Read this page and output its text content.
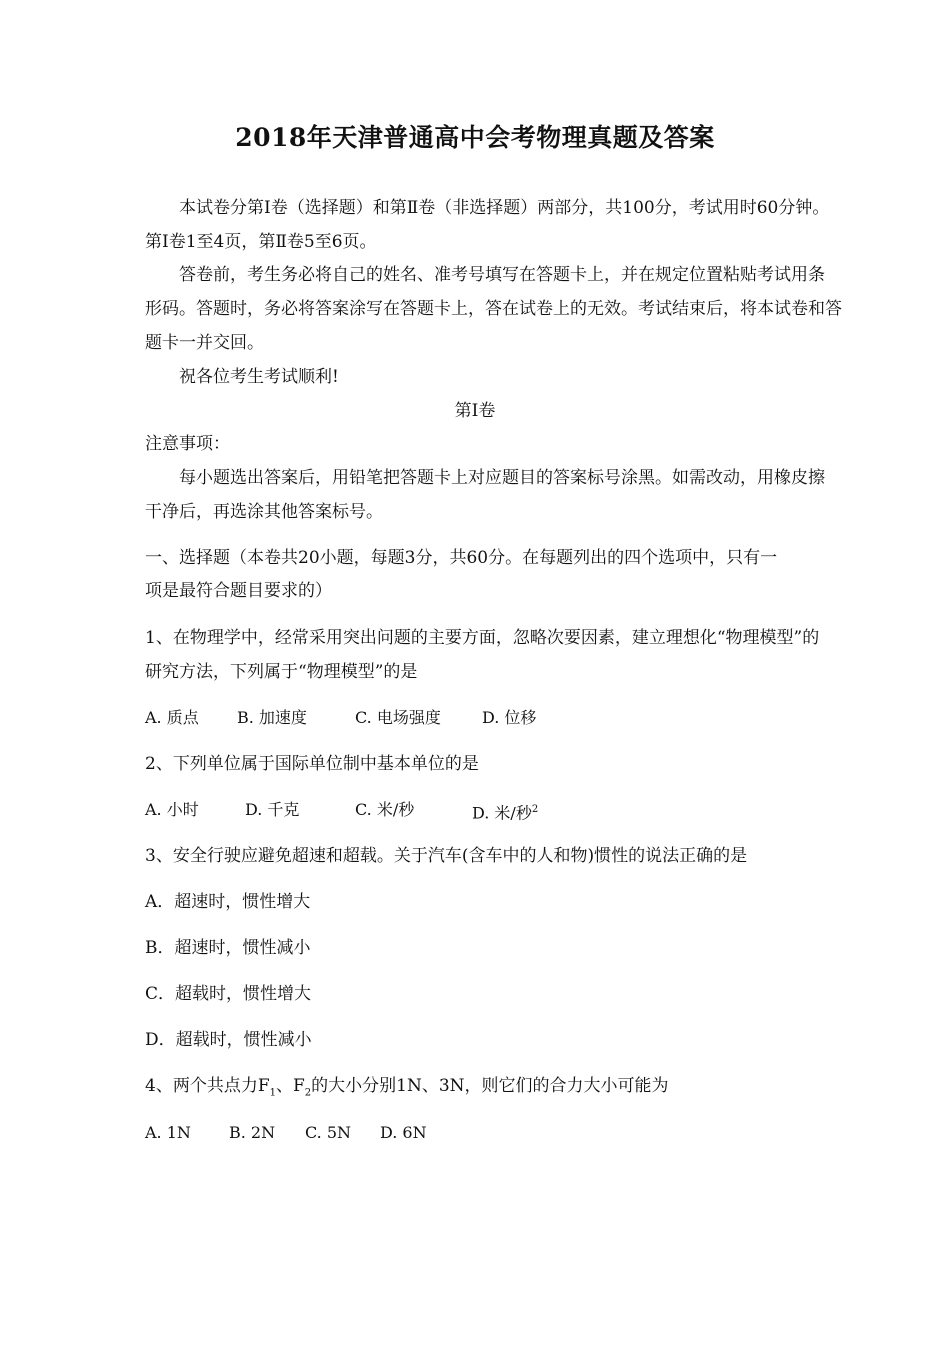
2018年天津普通高中会考物理真题及答案
本试卷分第Ⅰ卷（选择题）和第Ⅱ卷（非选择题）两部分，共100分，考试用时60分钟。
第Ⅰ卷1至4页，第Ⅱ卷5至6页。
答卷前，考生务必将自己的姓名、准考号填写在答题卡上，并在规定位置粘贴考试用条
形码。答题时，务必将答案涂写在答题卡上，答在试卷上的无效。考试结束后，将本试卷和答
题卡一并交回。
祝各位考生考试顺利!
第Ⅰ卷
注意事项：
每小题选出答案后，用铅笔把答题卡上对应题目的答案标号涂黑。如需改动，用橡皮擦
干净后，再选涂其他答案标号。
一、选择题（本卷共20小题，每题3分，共60分。在每题列出的四个选项中，只有一
项是最符合题目要求的）
1、在物理学中，经常采用突出问题的主要方面，忽略次要因素，建立理想化“物理模型”的
研究方法，下列属于“物理模型”的是
A. 质点 B. 加速度	C. 电场强度	D. 位移
2、下列单位属于国际单位制中基本单位的是
A. 小时	D. 千克	C. 米/秒	D. 米/秒$^2$
3、安全行驶应避免超速和超载。关于汽车(含车中的人和物)惯性的说法正确的是
A．超速时，惯性增大
B．超速时，惯性减小
C．超载时，惯性增大
D．超载时，惯性减小
4、两个共点力$F_1$、$F_2$的大小分别1N、3N，则它们的合力大小可能为
A. 1N B. 2N C. 5N D. 6N
